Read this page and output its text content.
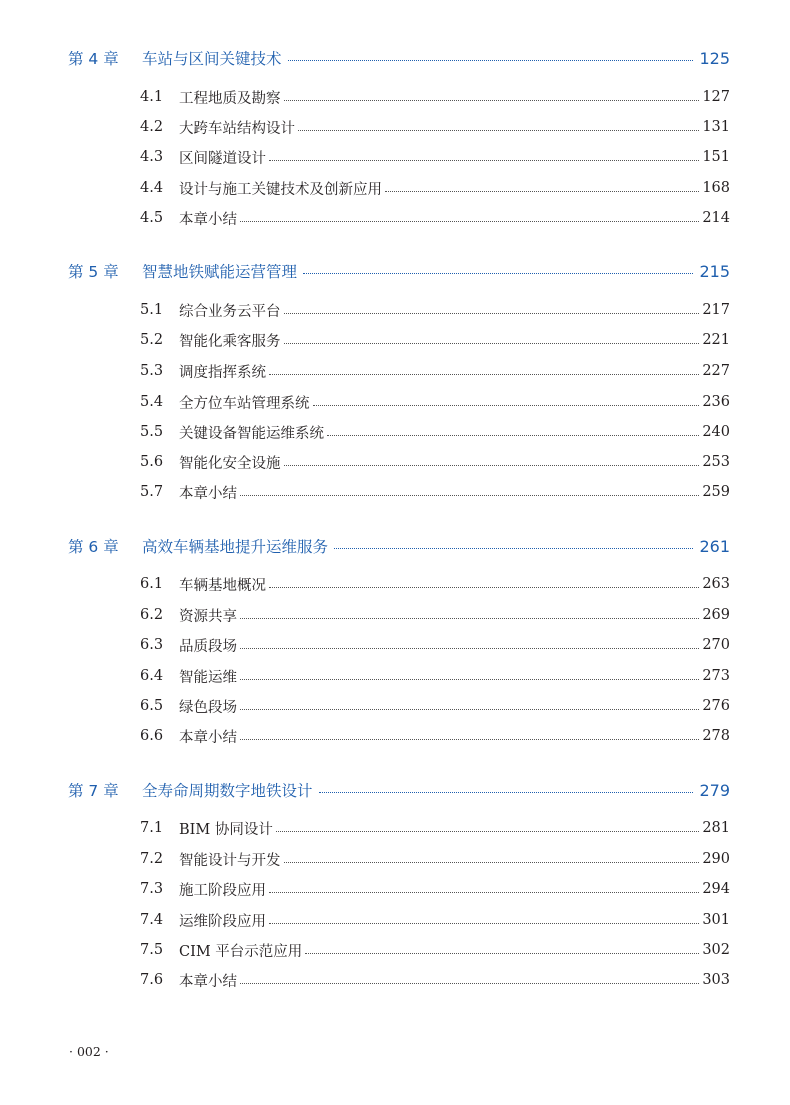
第 4 章	车站与区间关键技术	125
4.1	工程地质及勘察	127
4.2	大跨车站结构设计	131
4.3	区间隧道设计	151
4.4	设计与施工关键技术及创新应用	168
4.5	本章小结	214
第 5 章	智慧地铁赋能运营管理	215
5.1	综合业务云平台	217
5.2	智能化乘客服务	221
5.3	调度指挥系统	227
5.4	全方位车站管理系统	236
5.5	关键设备智能运维系统	240
5.6	智能化安全设施	253
5.7	本章小结	259
第 6 章	高效车辆基地提升运维服务	261
6.1	车辆基地概况	263
6.2	资源共享	269
6.3	品质段场	270
6.4	智能运维	273
6.5	绿色段场	276
6.6	本章小结	278
第 7 章	全寿命周期数字地铁设计	279
7.1	BIM 协同设计	281
7.2	智能设计与开发	290
7.3	施工阶段应用	294
7.4	运维阶段应用	301
7.5	CIM 平台示范应用	302
7.6	本章小结	303
· 002 ·
